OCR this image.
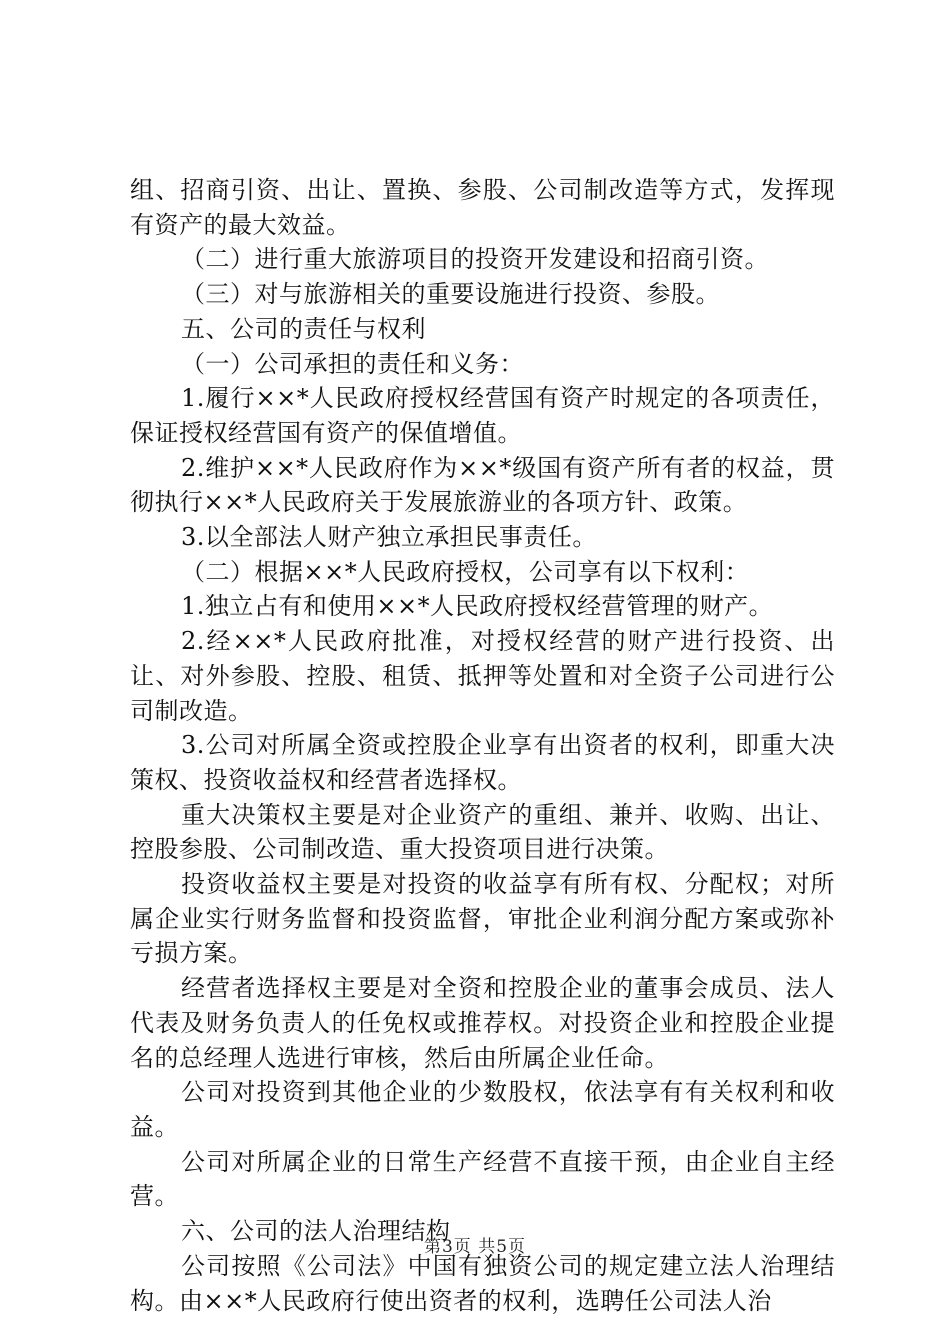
组、招商引资、出让、置换、参股、公司制改造等方式，发挥现有资产的最大效益。

（二）进行重大旅游项目的投资开发建设和招商引资。

（三）对与旅游相关的重要设施进行投资、参股。

五、公司的责任与权利

（一）公司承担的责任和义务：

1.履行××*人民政府授权经营国有资产时规定的各项责任，保证授权经营国有资产的保值增值。

2.维护××*人民政府作为××*级国有资产所有者的权益，贯彻执行××*人民政府关于发展旅游业的各项方针、政策。

3.以全部法人财产独立承担民事责任。

（二）根据××*人民政府授权，公司享有以下权利：

1.独立占有和使用××*人民政府授权经营管理的财产。

2.经××*人民政府批准，对授权经营的财产进行投资、出让、对外参股、控股、租赁、抵押等处置和对全资子公司进行公司制改造。

3.公司对所属全资或控股企业享有出资者的权利，即重大决策权、投资收益权和经营者选择权。

重大决策权主要是对企业资产的重组、兼并、收购、出让、控股参股、公司制改造、重大投资项目进行决策。

投资收益权主要是对投资的收益享有所有权、分配权；对所属企业实行财务监督和投资监督，审批企业利润分配方案或弥补亏损方案。

经营者选择权主要是对全资和控股企业的董事会成员、法人代表及财务负责人的任免权或推荐权。对投资企业和控股企业提名的总经理人选进行审核，然后由所属企业任命。

公司对投资到其他企业的少数股权，依法享有有关权利和收益。

公司对所属企业的日常生产经营不直接干预，由企业自主经营。

六、公司的法人治理结构

公司按照《公司法》中国有独资公司的规定建立法人治理结构。由××*人民政府行使出资者的权利，选聘任公司法人治

第3页 共5页
